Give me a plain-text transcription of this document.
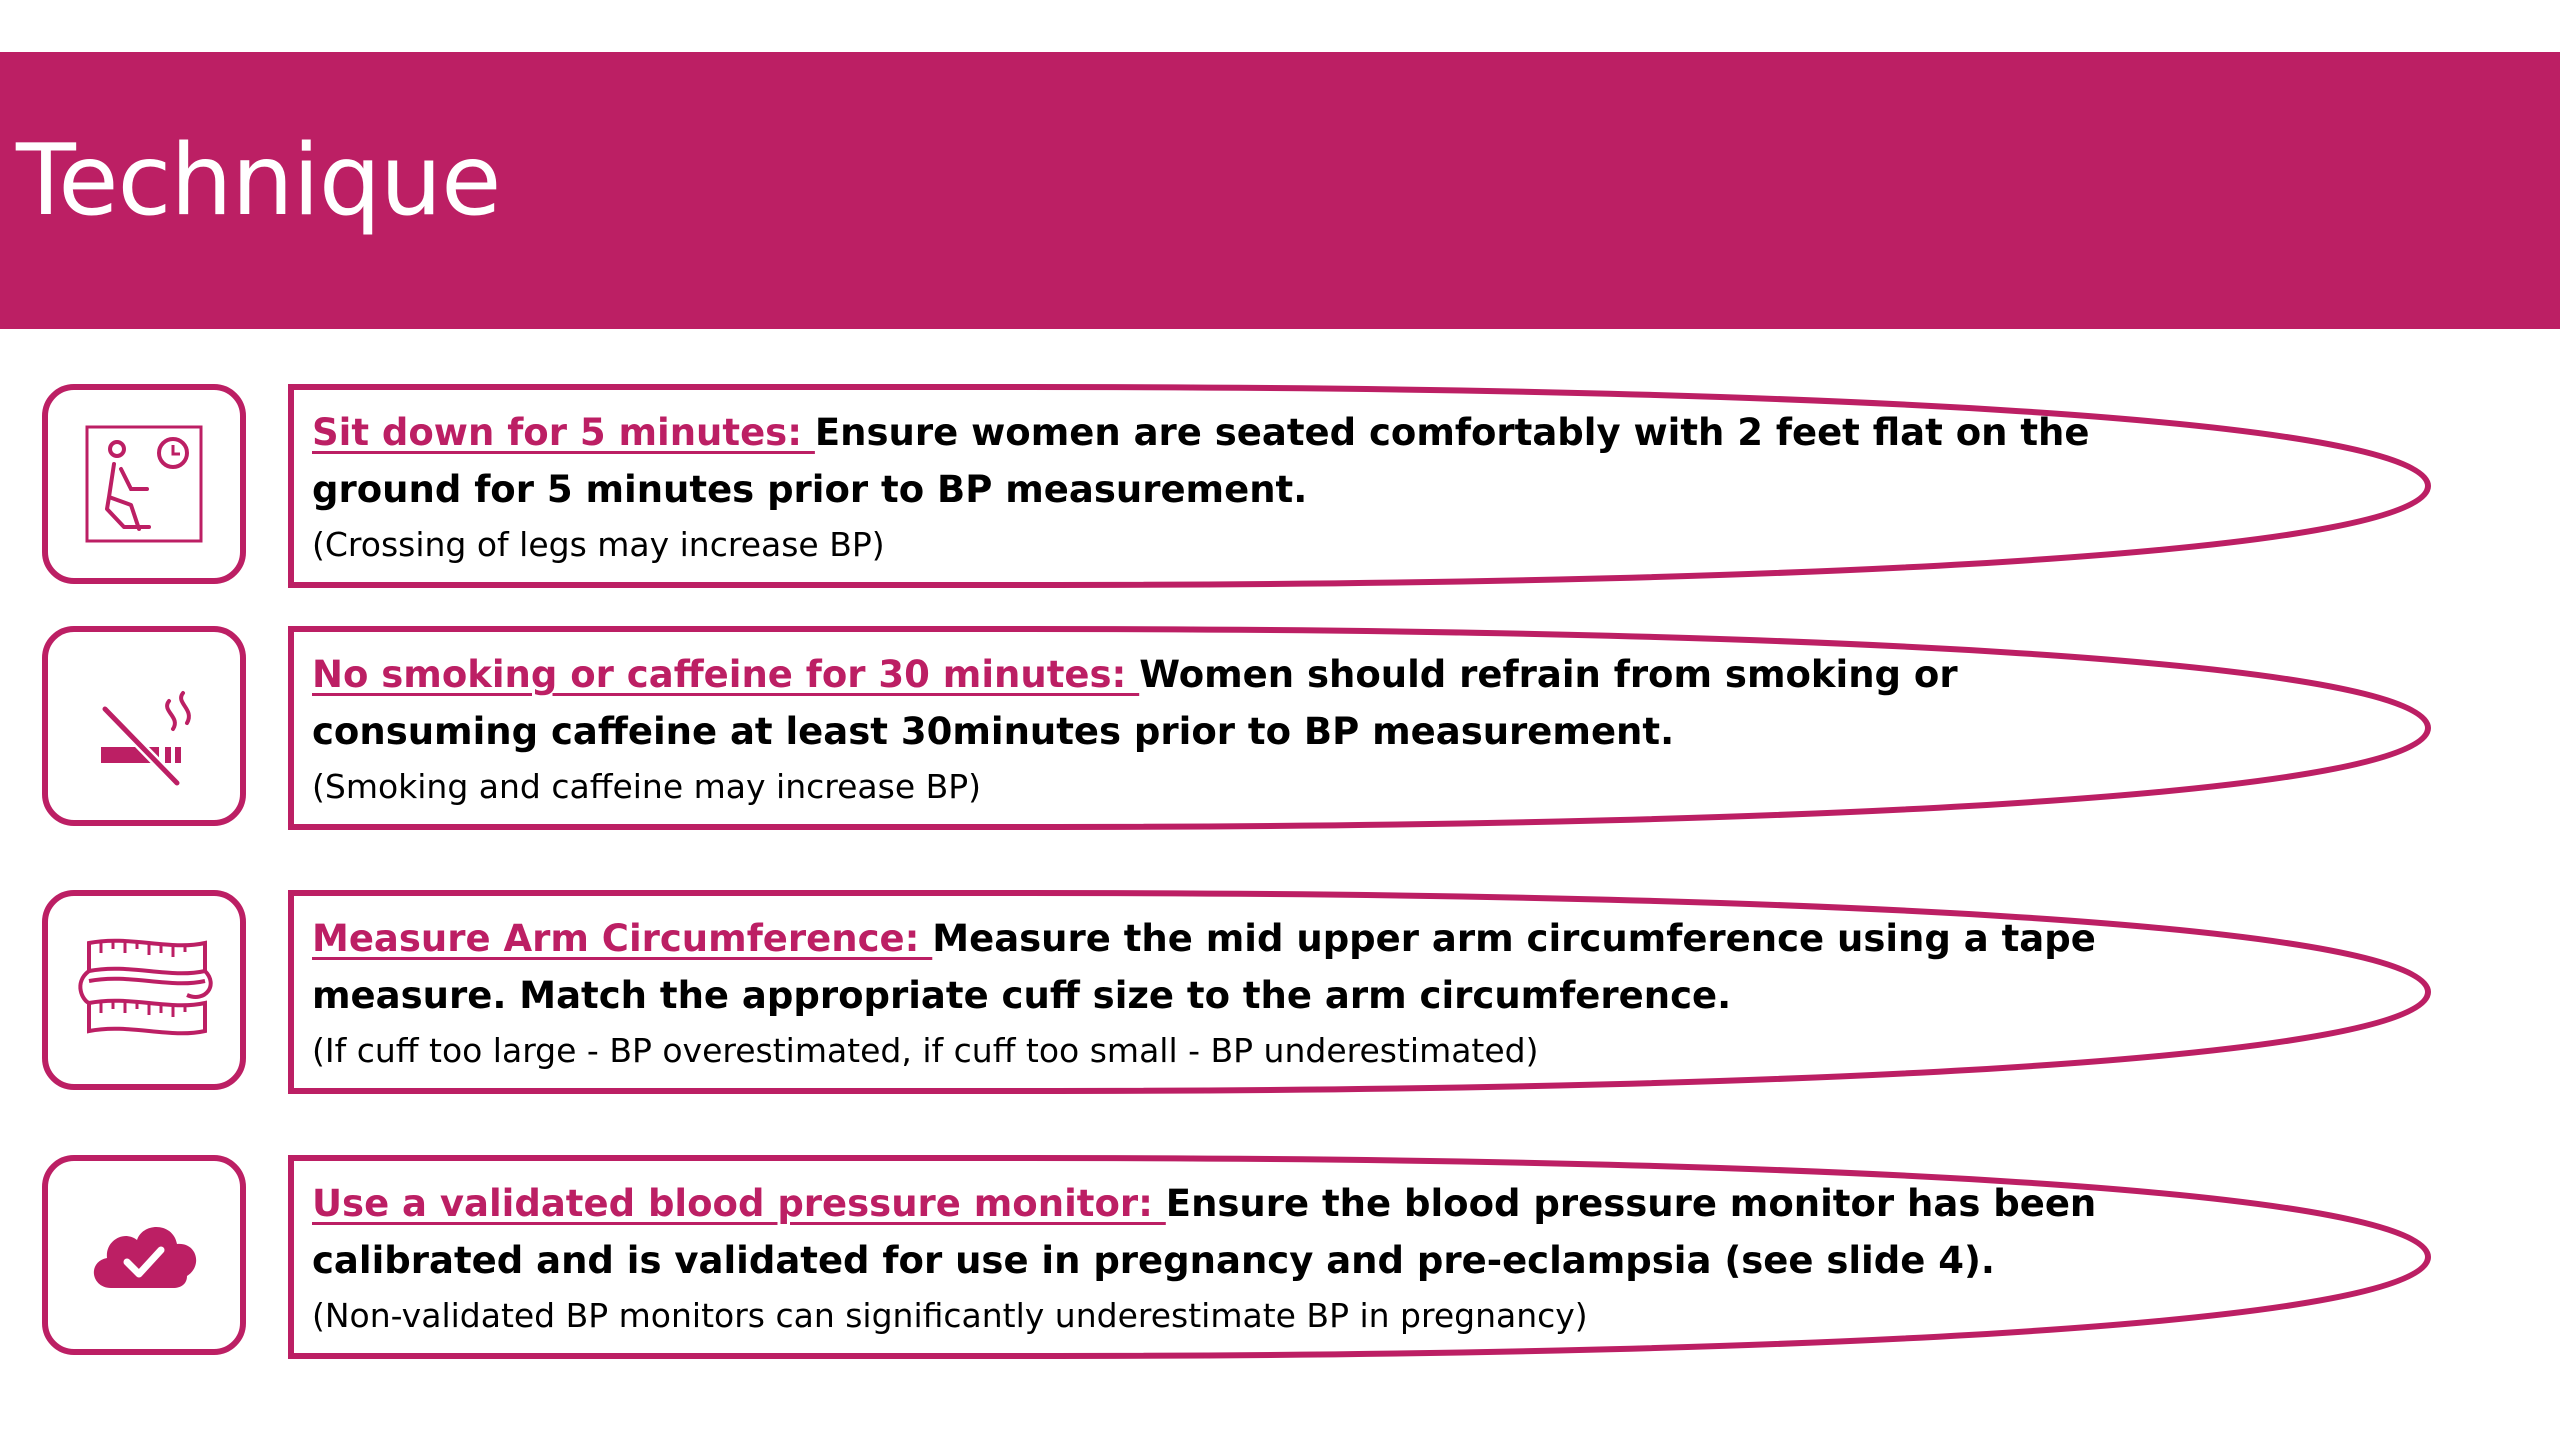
Technique
Sit down for 5 minutes: Ensure women are seated comfortably with 2 feet flat on the
ground for 5 minutes prior to BP measurement.
(Crossing of legs may increase BP)
No smoking or caffeine for 30 minutes: Women should refrain from smoking or
consuming caffeine at least 30minutes prior to BP measurement.
(Smoking and caffeine may increase BP)
Measure Arm Circumference: Measure the mid upper arm circumference using a tape
measure. Match the appropriate cuff size to the arm circumference.
(If cuff too large - BP overestimated, if cuff too small - BP underestimated)
Use a validated blood pressure monitor: Ensure the blood pressure monitor has been
calibrated and is validated for use in pregnancy and pre-eclampsia (see slide 4).
(Non-validated BP monitors can significantly underestimate BP in pregnancy)
